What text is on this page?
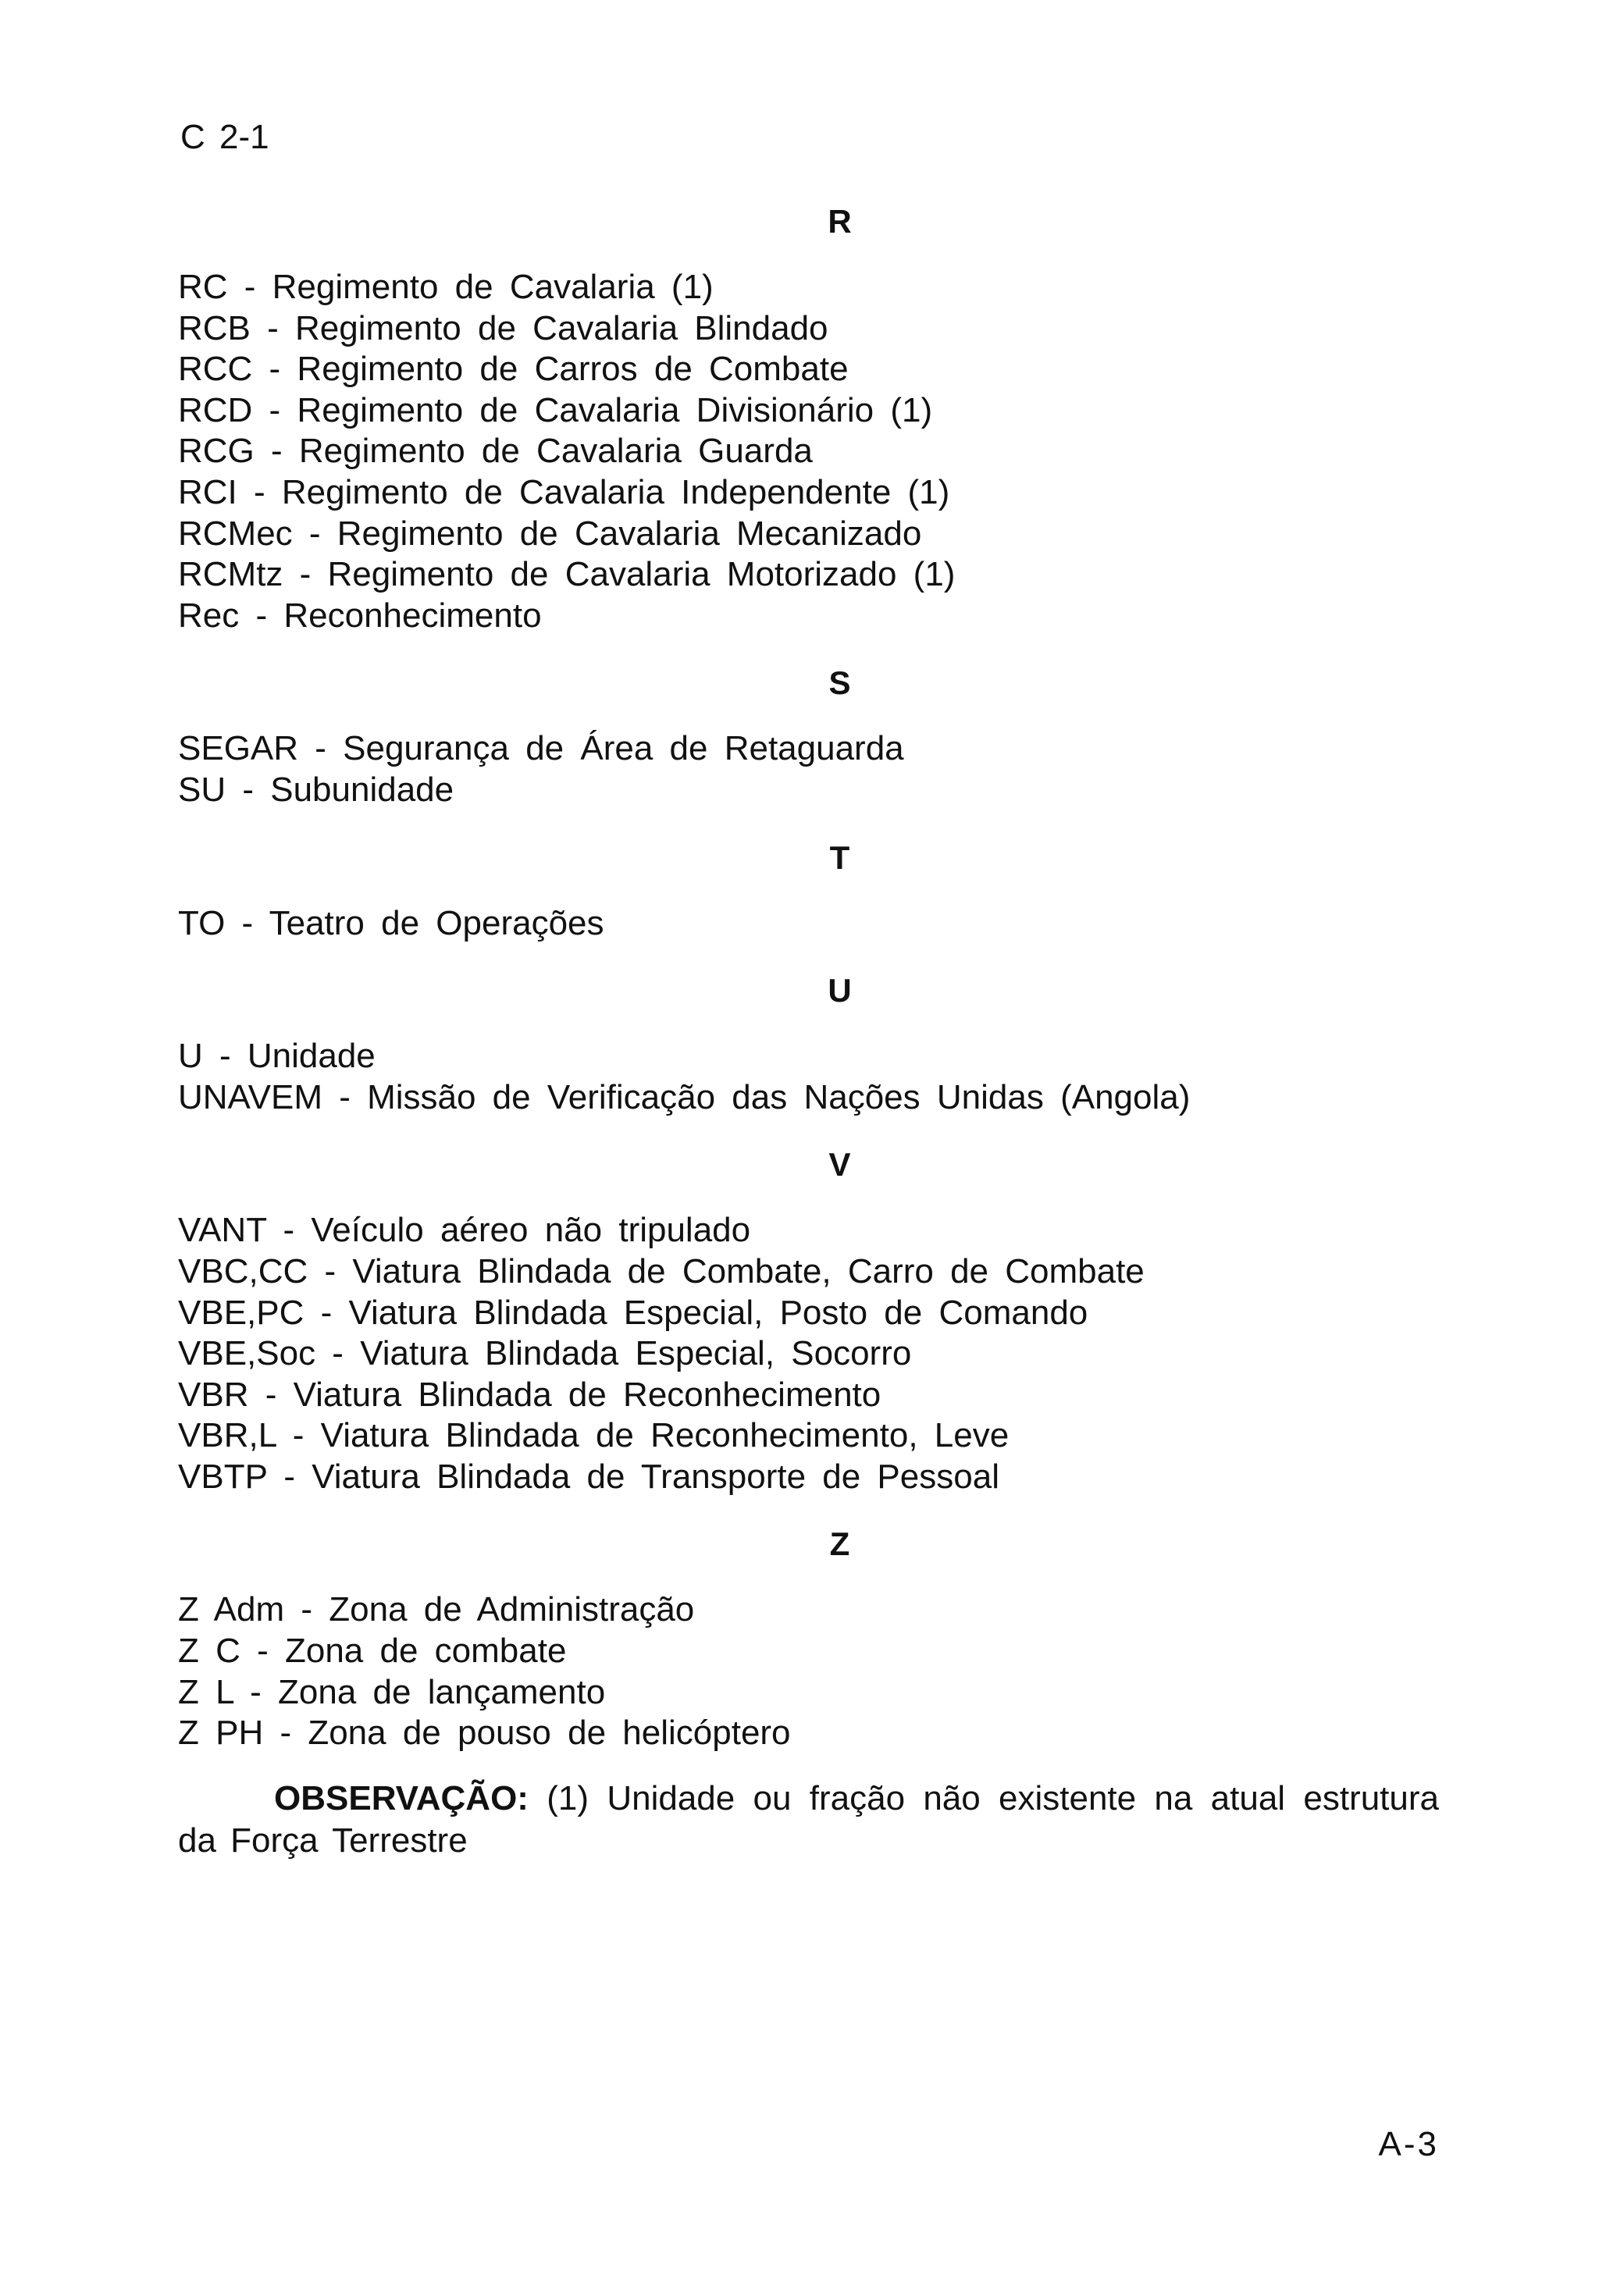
C 2-1
R
RC - Regimento de Cavalaria (1)
RCB - Regimento de Cavalaria Blindado
RCC - Regimento de Carros de Combate
RCD - Regimento de Cavalaria Divisionário (1)
RCG - Regimento de Cavalaria Guarda
RCI - Regimento de Cavalaria Independente (1)
RCMec - Regimento de Cavalaria Mecanizado
RCMtz - Regimento de Cavalaria Motorizado (1)
Rec - Reconhecimento
S
SEGAR - Segurança de Área de Retaguarda
SU - Subunidade
T
TO - Teatro de Operações
U
U - Unidade
UNAVEM - Missão de Verificação das Nações Unidas (Angola)
V
VANT - Veículo aéreo não tripulado
VBC,CC - Viatura Blindada de Combate, Carro de Combate
VBE,PC - Viatura Blindada Especial, Posto de Comando
VBE,Soc - Viatura Blindada Especial, Socorro
VBR - Viatura Blindada de Reconhecimento
VBR,L - Viatura Blindada de Reconhecimento, Leve
VBTP - Viatura Blindada de Transporte de Pessoal
Z
Z Adm - Zona de Administração
Z C - Zona de combate
Z L - Zona de lançamento
Z PH - Zona de pouso de helicóptero

OBSERVAÇÃO: (1) Unidade ou fração não existente na atual estrutura da Força Terrestre

A-3
